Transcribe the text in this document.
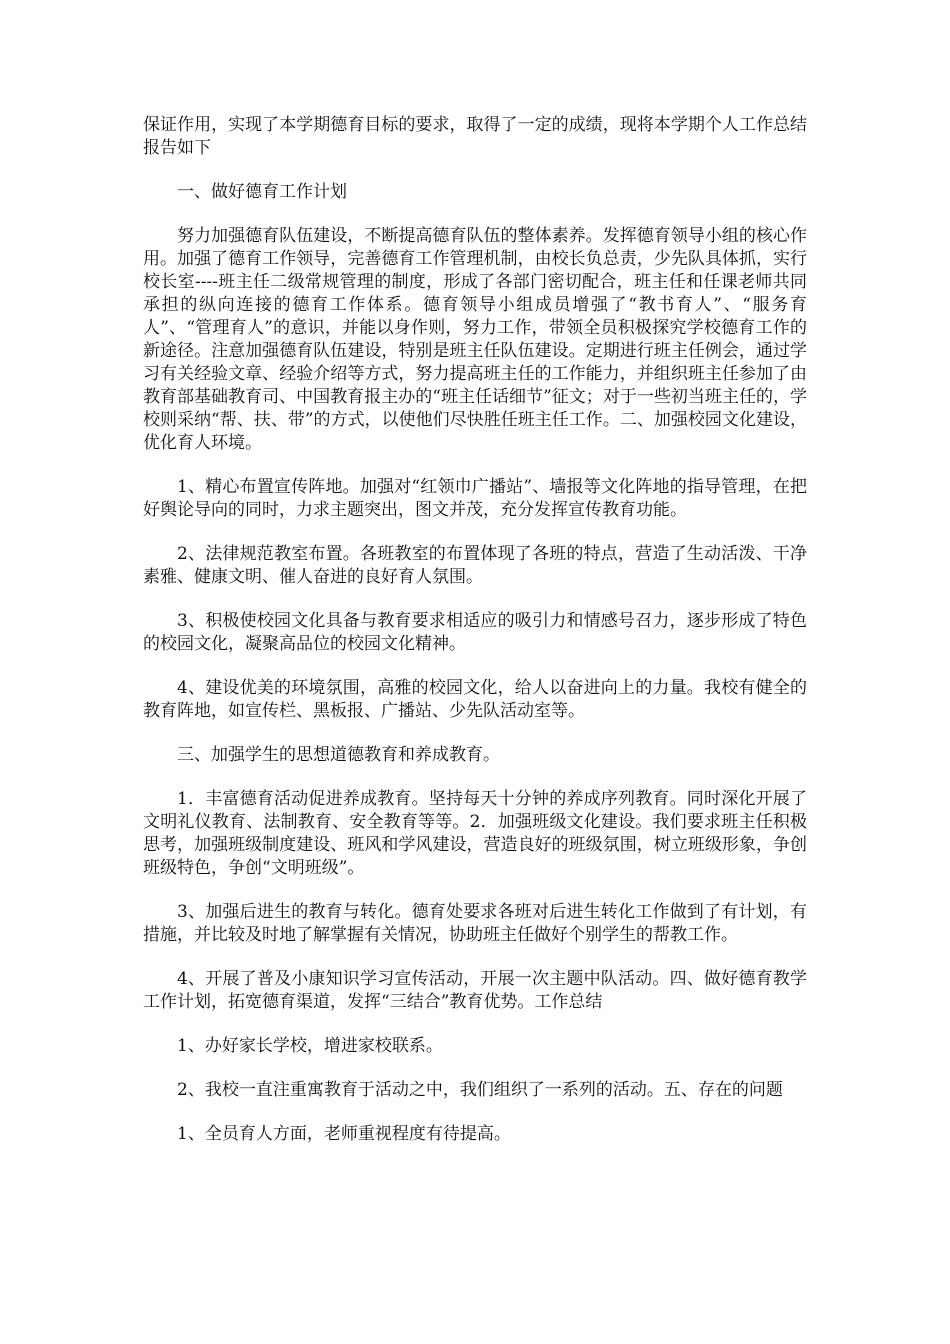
保证作用，实现了本学期德育目标的要求，取得了一定的成绩，现将本学期个人工作总结报告如下

一、做好德育工作计划

努力加强德育队伍建设，不断提高德育队伍的整体素养。发挥德育领导小组的核心作用。加强了德育工作领导，完善德育工作管理机制，由校长负总责，少先队具体抓，实行校长室----班主任二级常规管理的制度，形成了各部门密切配合，班主任和任课老师共同承担的纵向连接的德育工作体系。德育领导小组成员增强了“教书育人”、“服务育人”、“管理育人”的意识，并能以身作则，努力工作，带领全员积极探究学校德育工作的新途径。注意加强德育队伍建设，特别是班主任队伍建设。定期进行班主任例会，通过学习有关经验文章、经验介绍等方式，努力提高班主任的工作能力，并组织班主任参加了由教育部基础教育司、中国教育报主办的“班主任话细节”征文；对于一些初当班主任的，学校则采纳“帮、扶、带”的方式，以使他们尽快胜任班主任工作。二、加强校园文化建设，优化育人环境。

1、精心布置宣传阵地。加强对“红领巾广播站”、墙报等文化阵地的指导管理，在把好舆论导向的同时，力求主题突出，图文并茂，充分发挥宣传教育功能。

2、法律规范教室布置。各班教室的布置体现了各班的特点，营造了生动活泼、干净素雅、健康文明、催人奋进的良好育人氛围。

3、积极使校园文化具备与教育要求相适应的吸引力和情感号召力，逐步形成了特色的校园文化，凝聚高品位的校园文化精神。

4、建设优美的环境氛围，高雅的校园文化，给人以奋进向上的力量。我校有健全的教育阵地，如宣传栏、黑板报、广播站、少先队活动室等。

三、加强学生的思想道德教育和养成教育。

1．丰富德育活动促进养成教育。坚持每天十分钟的养成序列教育。同时深化开展了文明礼仪教育、法制教育、安全教育等等。2．加强班级文化建设。我们要求班主任积极思考，加强班级制度建设、班风和学风建设，营造良好的班级氛围，树立班级形象，争创班级特色，争创“文明班级”。

3、加强后进生的教育与转化。德育处要求各班对后进生转化工作做到了有计划，有措施，并比较及时地了解掌握有关情况，协助班主任做好个别学生的帮教工作。

4、开展了普及小康知识学习宣传活动，开展一次主题中队活动。四、做好德育教学工作计划，拓宽德育渠道，发挥“三结合”教育优势。工作总结

1、办好家长学校，增进家校联系。

2、我校一直注重寓教育于活动之中，我们组织了一系列的活动。五、存在的问题

1、全员育人方面，老师重视程度有待提高。
